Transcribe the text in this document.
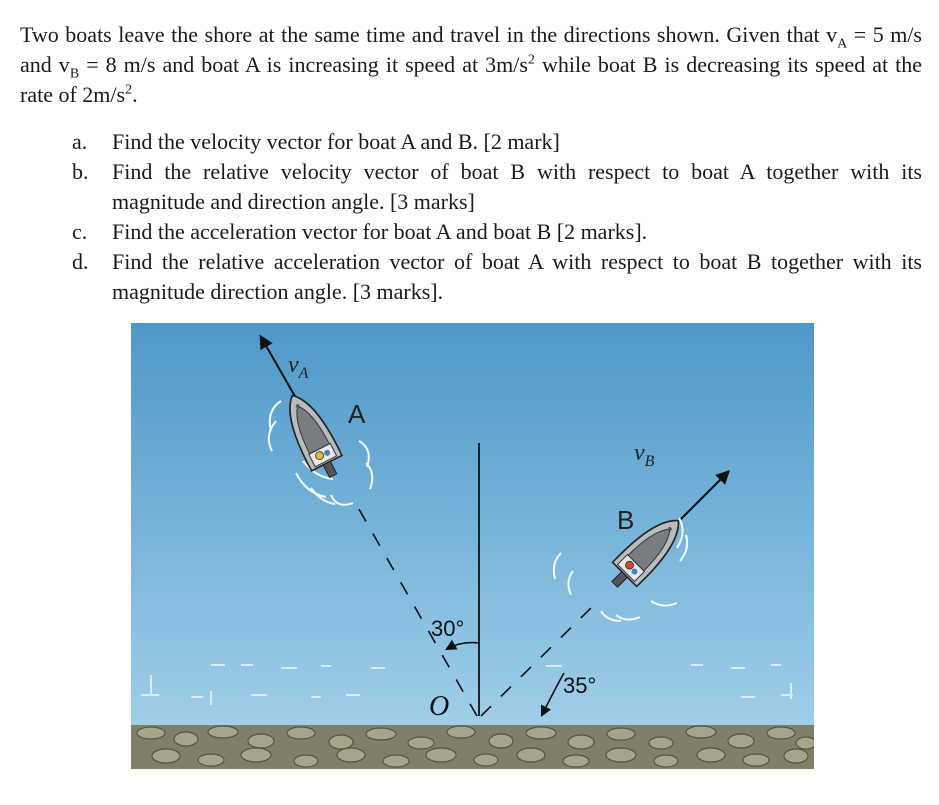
Two boats leave the shore at the same time and travel in the directions shown. Given that $v_A = 5$ m/s and $v_B = 8$ m/s and boat A is increasing it speed at $3m/s^2$ while boat B is decreasing its speed at the rate of $2m/s^2$.

a. Find the velocity vector for boat A and B. [2 mark]
b. Find the relative velocity vector of boat B with respect to boat A together with its magnitude and direction angle. [3 marks]
c. Find the acceleration vector for boat A and boat B [2 marks].
d. Find the relative acceleration vector of boat A with respect to boat B together with its magnitude direction angle. [3 marks].
$v_A$
$v_B$
A
B
30°
35°
O
